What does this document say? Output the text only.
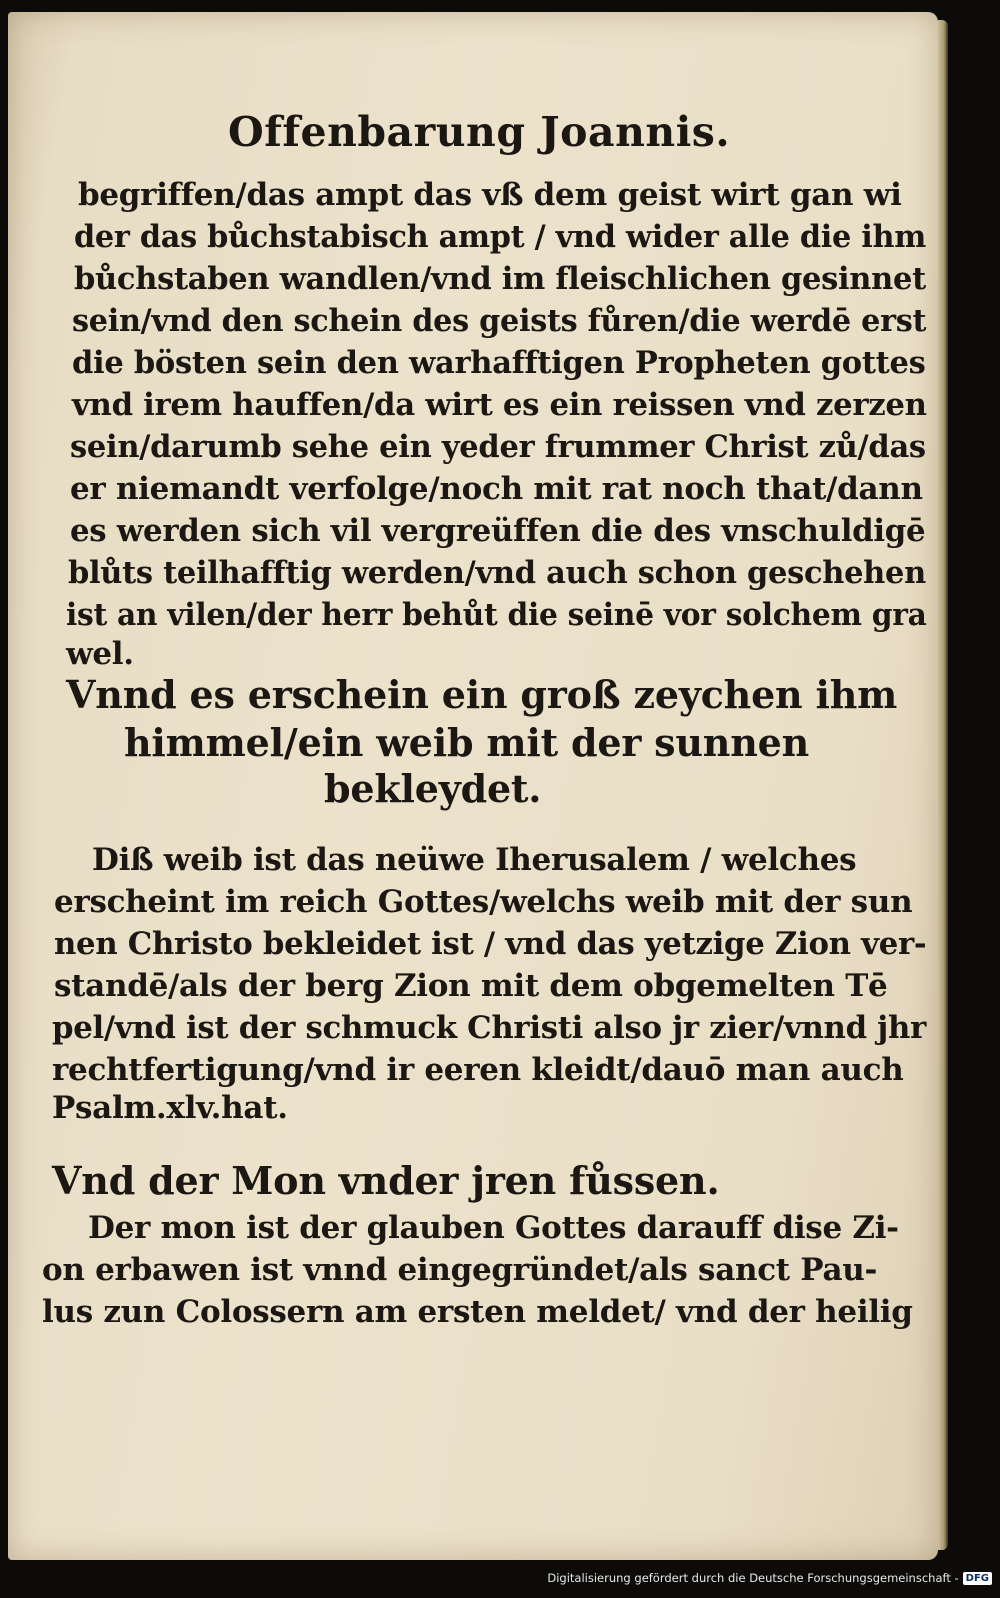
Offenbarung Joannis.
begriffen/das ampt das vß dem geist wirt gan wi
der das bůchstabisch ampt / vnd wider alle die ihm
bůchstaben wandlen/vnd im fleischlichen gesinnet
sein/vnd den schein des geists fůren/die werdē erst
die bösten sein den warhafftigen Propheten gottes
vnd irem hauffen/da wirt es ein reissen vnd zerzen
sein/darumb sehe ein yeder frummer Christ zů/das
er niemandt verfolge/noch mit rat noch that/dann
es werden sich vil vergreüffen die des vnschuldigē
blůts teilhafftig werden/vnd auch schon geschehen
ist an vilen/der herr behůt die seinē vor solchem gra
wel.
Vnnd es erschein ein groß zeychen ihm
himmel/ein weib mit der sunnen
bekleydet.
Diß weib ist das neüwe Iherusalem / welches
erscheint im reich Gottes/welchs weib mit der sun
nen Christo bekleidet ist / vnd das yetzige Zion ver-
standē/als der berg Zion mit dem obgemelten Tē
pel/vnd ist der schmuck Christi also jr zier/vnnd jhr
rechtfertigung/vnd ir eeren kleidt/dauō man auch
Psalm.xlv.hat.
Vnd der Mon vnder jren fůssen.
Der mon ist der glauben Gottes darauff dise Zi-
on erbawen ist vnnd eingegründet/als sanct Pau-
lus zun Colossern am ersten meldet/ vnd der heilig
Digitalisierung gefördert durch die Deutsche Forschungsgemeinschaft - DFG
